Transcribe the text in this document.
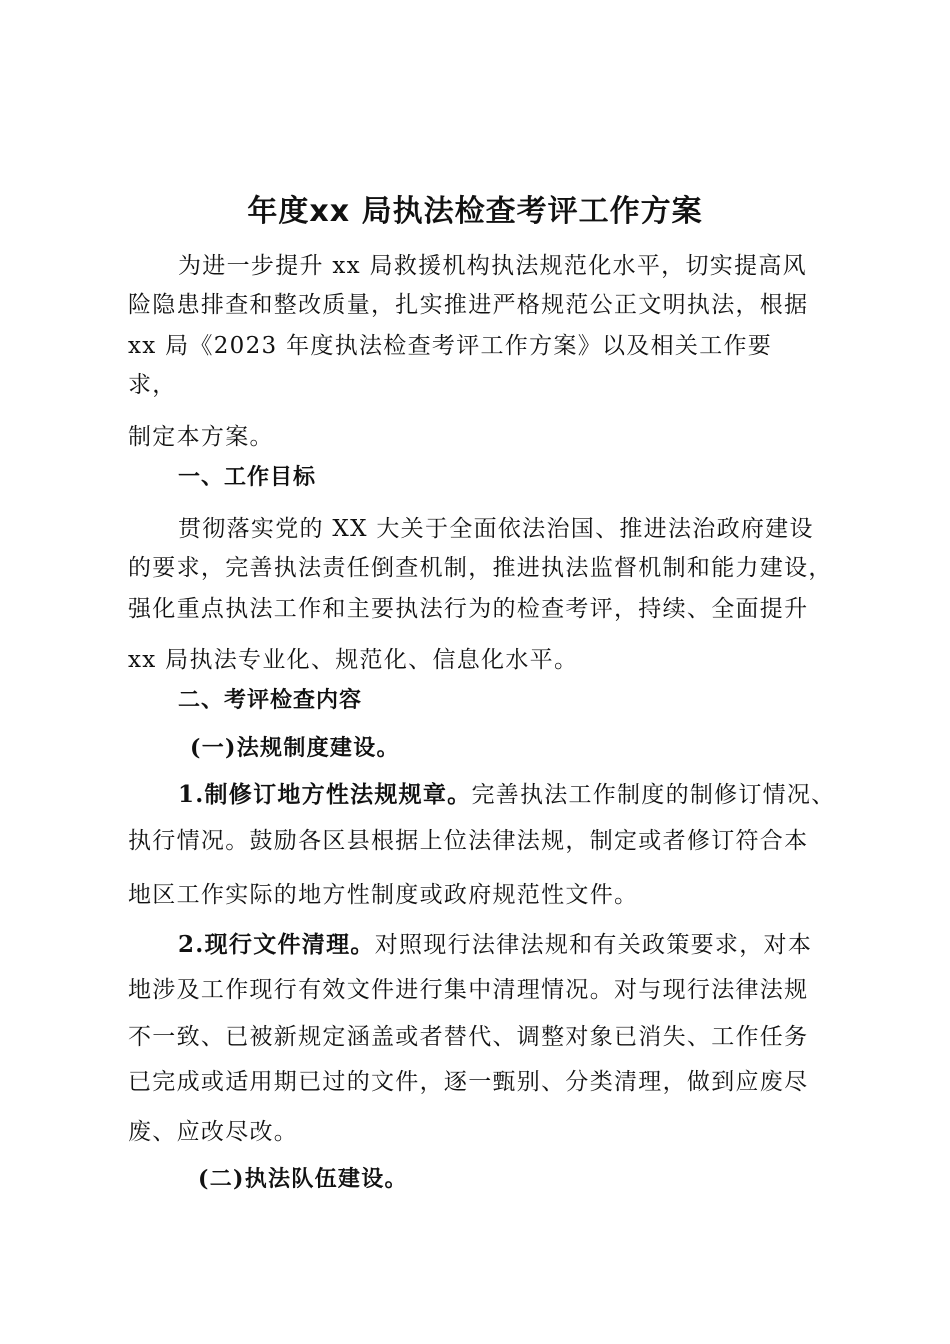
年度xx 局执法检查考评工作方案
为进一步提升 xx 局救援机构执法规范化水平，切实提高风
险隐患排查和整改质量，扎实推进严格规范公正文明执法，根据
xx 局《2023 年度执法检查考评工作方案》以及相关工作要
求，
制定本方案。
一、工作目标
贯彻落实党的 XX 大关于全面依法治国、推进法治政府建设
的要求，完善执法责任倒查机制，推进执法监督机制和能力建设，
强化重点执法工作和主要执法行为的检查考评，持续、全面提升
xx 局执法专业化、规范化、信息化水平。
二、考评检查内容
(一)法规制度建设。
1.制修订地方性法规规章。完善执法工作制度的制修订情况、
执行情况。鼓励各区县根据上位法律法规，制定或者修订符合本
地区工作实际的地方性制度或政府规范性文件。
2.现行文件清理。对照现行法律法规和有关政策要求，对本
地涉及工作现行有效文件进行集中清理情况。对与现行法律法规
不一致、已被新规定涵盖或者替代、调整对象已消失、工作任务
已完成或适用期已过的文件，逐一甄别、分类清理，做到应废尽
废、应改尽改。
(二)执法队伍建设。
